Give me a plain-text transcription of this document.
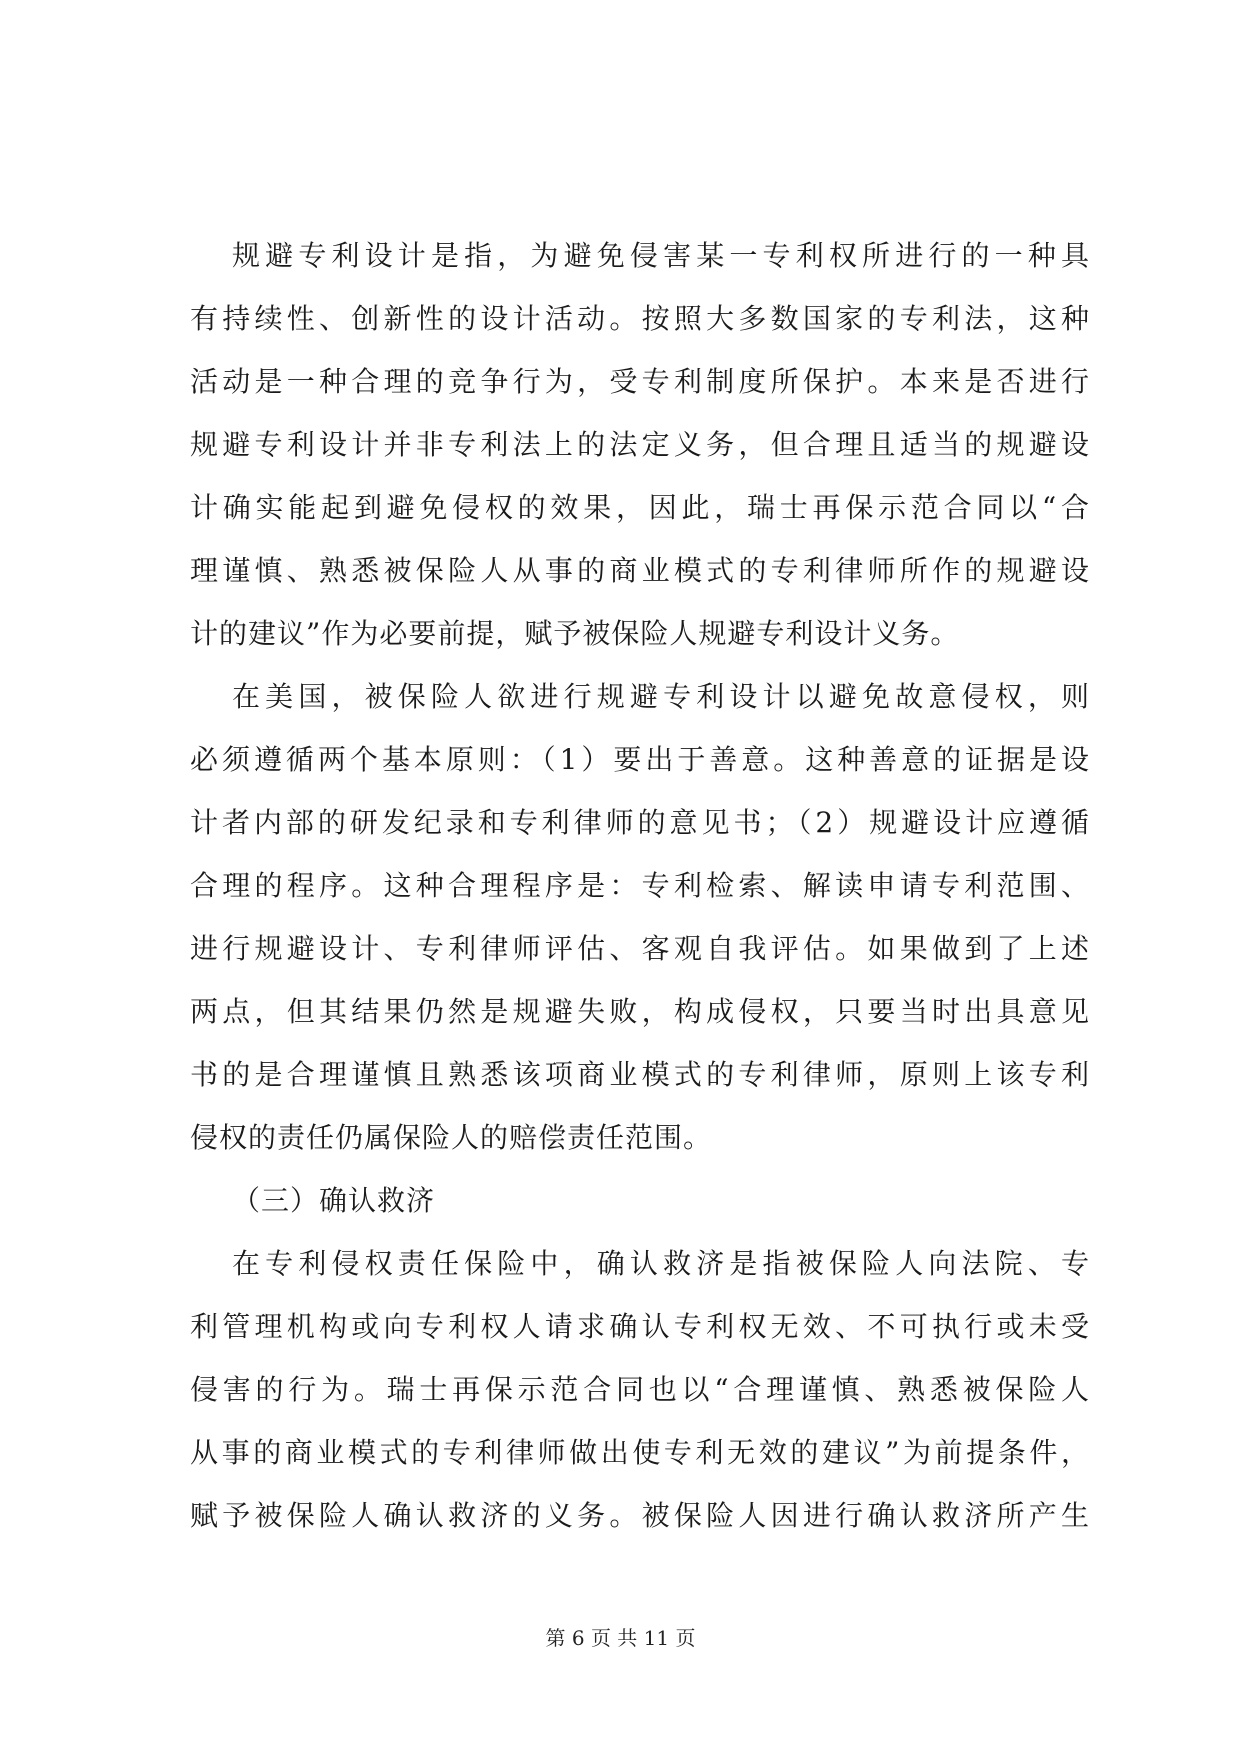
规避专利设计是指，为避免侵害某一专利权所进行的一种具
有持续性、创新性的设计活动。按照大多数国家的专利法，这种
活动是一种合理的竞争行为，受专利制度所保护。本来是否进行
规避专利设计并非专利法上的法定义务，但合理且适当的规避设
计确实能起到避免侵权的效果，因此，瑞士再保示范合同以“合
理谨慎、熟悉被保险人从事的商业模式的专利律师所作的规避设
计的建议”作为必要前提，赋予被保险人规避专利设计义务。
在美国，被保险人欲进行规避专利设计以避免故意侵权，则
必须遵循两个基本原则：（1）要出于善意。这种善意的证据是设
计者内部的研发纪录和专利律师的意见书；（2）规避设计应遵循
合理的程序。这种合理程序是：专利检索、解读申请专利范围、
进行规避设计、专利律师评估、客观自我评估。如果做到了上述
两点，但其结果仍然是规避失败，构成侵权，只要当时出具意见
书的是合理谨慎且熟悉该项商业模式的专利律师，原则上该专利
侵权的责任仍属保险人的赔偿责任范围。
（三）确认救济
在专利侵权责任保险中，确认救济是指被保险人向法院、专
利管理机构或向专利权人请求确认专利权无效、不可执行或未受
侵害的行为。瑞士再保示范合同也以“合理谨慎、熟悉被保险人
从事的商业模式的专利律师做出使专利无效的建议”为前提条件，
赋予被保险人确认救济的义务。被保险人因进行确认救济所产生
第 6 页 共 11 页
